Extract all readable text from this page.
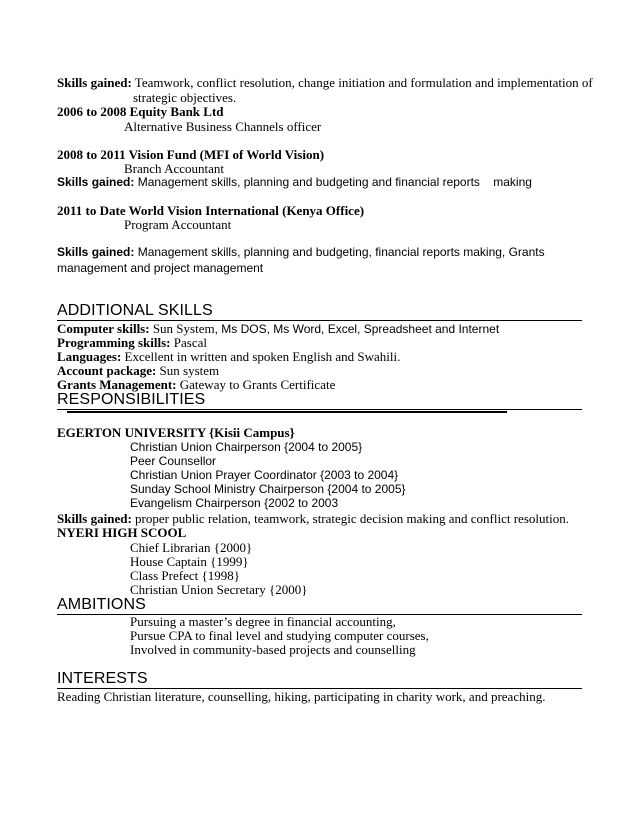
Skills gained: Teamwork, conflict resolution, change initiation and formulation and implementation of
strategic objectives.
2006 to 2008 Equity Bank Ltd
Alternative Business Channels officer
2008 to 2011 Vision Fund (MFI of World Vision)
Branch Accountant
Skills gained: Management skills, planning and budgeting and financial reports    making
2011 to Date World Vision International (Kenya Office)
Program Accountant
Skills gained: Management skills, planning and budgeting, financial reports making, Grants
management and project management
ADDITIONAL SKILLS
Computer skills: Sun System, Ms DOS, Ms Word, Excel, Spreadsheet and Internet
Programming skills: Pascal
Languages: Excellent in written and spoken English and Swahili.
Account package: Sun system
Grants Management: Gateway to Grants Certificate
RESPONSIBILITIES
EGERTON UNIVERSITY {Kisii Campus}
Christian Union Chairperson {2004 to 2005}
Peer Counsellor
Christian Union Prayer Coordinator {2003 to 2004}
Sunday School Ministry Chairperson {2004 to 2005}
Evangelism Chairperson {2002 to 2003
Skills gained: proper public relation, teamwork, strategic decision making and conflict resolution.
NYERI HIGH SCOOL
Chief Librarian {2000}
House Captain {1999}
Class Prefect {1998}
Christian Union Secretary {2000}
AMBITIONS
Pursuing a master’s degree in financial accounting,
Pursue CPA to final level and studying computer courses,
Involved in community-based projects and counselling
INTERESTS
Reading Christian literature, counselling, hiking, participating in charity work, and preaching.
